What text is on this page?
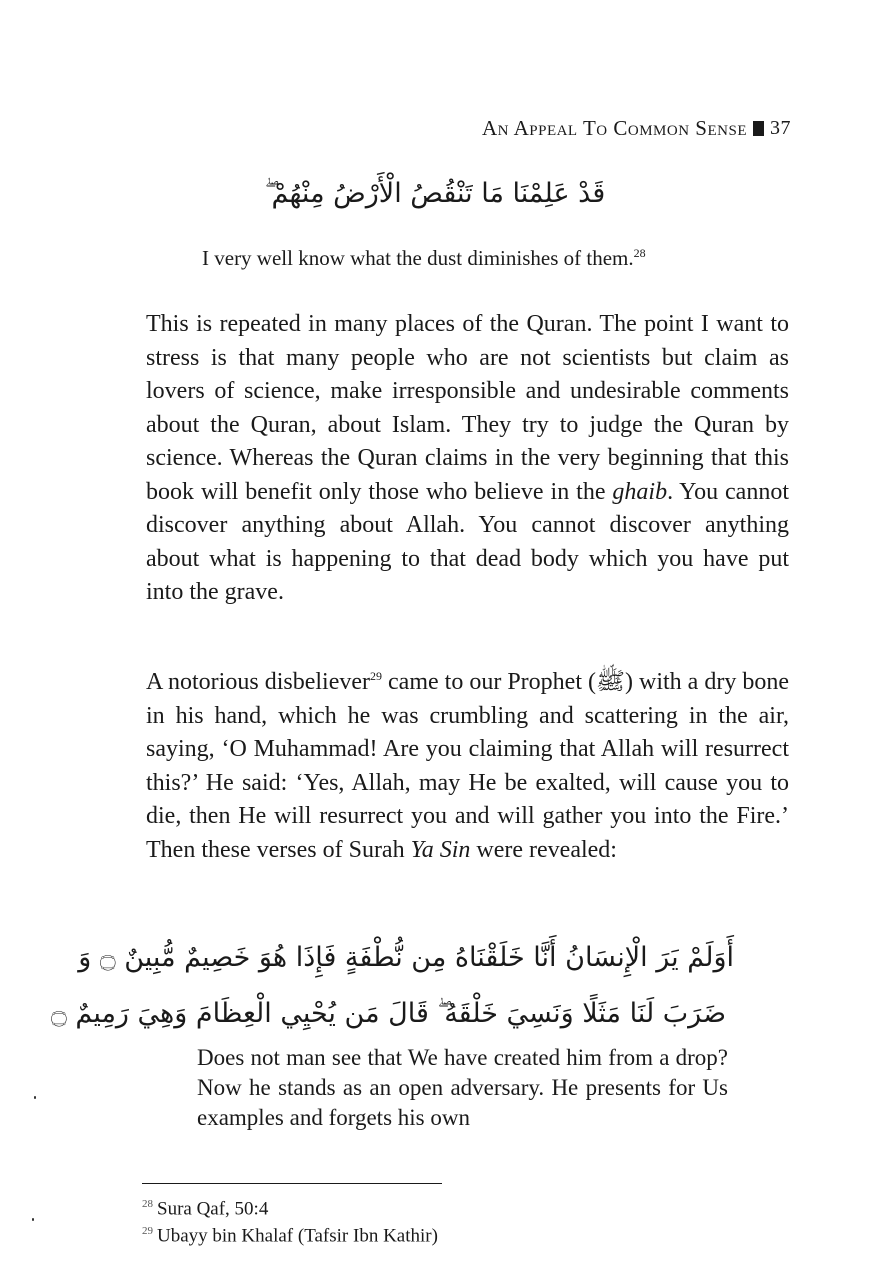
An Appeal To Common Sense 37
قَدْ عَلِمْنَا مَا تَنْقُصُ الْأَرْضُ مِنْهُمْ ۖ
I very well know what the dust diminishes of them.$^{28}$

This is repeated in many places of the Quran. The point I want to stress is that many people who are not scientists but claim as lovers of science, make irresponsible and undesirable comments about the Quran, about Islam. They try to judge the Quran by science. Whereas the Quran claims in the very beginning that this book will benefit only those who believe in the ghaib. You cannot discover anything about Allah. You cannot discover anything about what is happening to that dead body which you have put into the grave.

A notorious disbeliever$^{29}$ came to our Prophet (ﷺ) with a dry bone in his hand, which he was crumbling and scattering in the air, saying, ‘O Muhammad! Are you claiming that Allah will resurrect this?’ He said: ‘Yes, Allah, may He be exalted, will cause you to die, then He will resurrect you and will gather you into the Fire.’ Then these verses of Surah Ya Sin were revealed:

أَوَلَمْ يَرَ الْإِنسَانُ أَنَّا خَلَقْنَاهُ مِن نُّطْفَةٍ فَإِذَا هُوَ خَصِيمٌ مُّبِينٌ ۝ وَ
ضَرَبَ لَنَا مَثَلًا وَنَسِيَ خَلْقَهُ ۖ قَالَ مَن يُحْيِي الْعِظَامَ وَهِيَ رَمِيمٌ ۝

Does not man see that We have created him from a drop? Now he stands as an open adversary. He presents for Us examples and forgets his own

$^{28}$ Sura Qaf, 50:4
$^{29}$ Ubayy bin Khalaf (Tafsir Ibn Kathir)
